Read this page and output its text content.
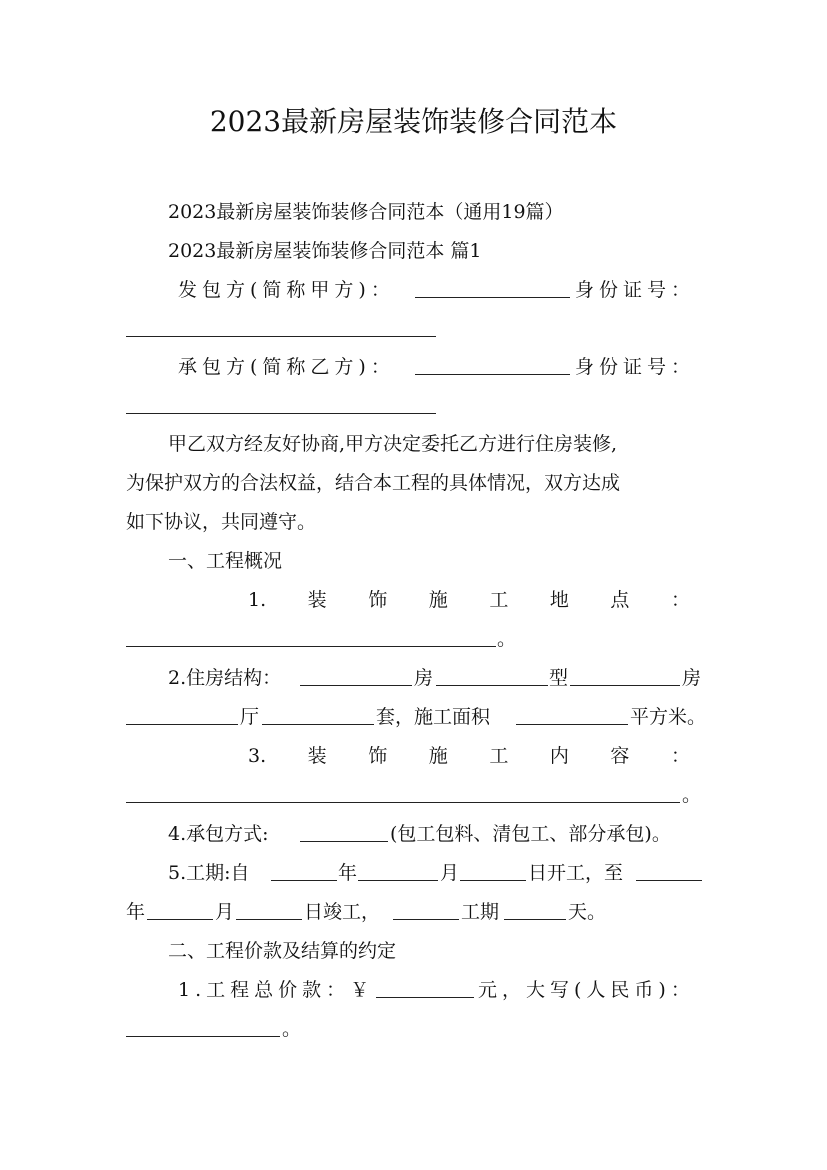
2023最新房屋装饰装修合同范本
2023最新房屋装饰装修合同范本（通用19篇）
2023最新房屋装饰装修合同范本 篇1
发包方(简称甲方)：	身份证号：
承包方(简称乙方)：	身份证号：
甲乙双方经友好协商,甲方决定委托乙方进行住房装修,
为保护双方的合法权益，结合本工程的具体情况，双方达成
如下协议，共同遵守。
一、工程概况
1. 装 饰 施 工 地 点 ：
。
2.住房结构：	房	型	房
厅	套，施工面积	平方米。
3. 装 饰 施 工 内 容 ：
。
4.承包方式:	(包工包料、清包工、部分承包)。
5.工期:自	年	月	日开工，至
年	月	日竣工，	工期	天。
二、工程价款及结算的约定
1.工程总价款：￥	元，大写(人民币)：
。
